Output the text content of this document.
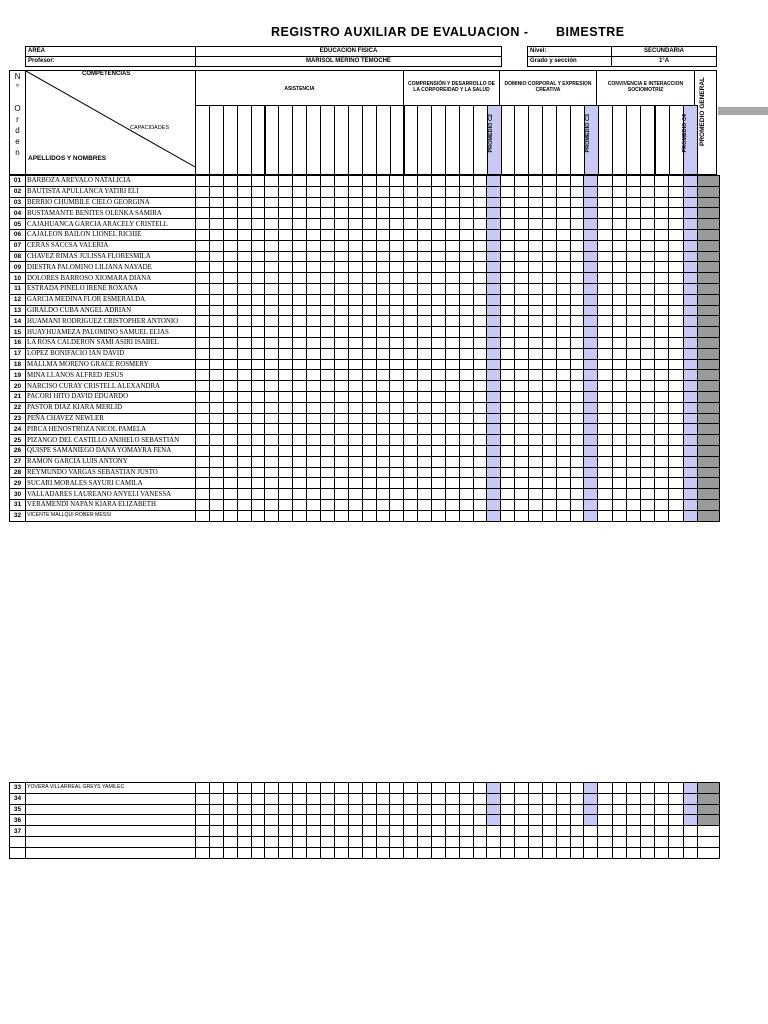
REGISTRO AUXILIAR DE EVALUACION - BIMESTRE
AREA	EDUCACION FISICA		Nivel:	SECUNDARIA
Profesor:	MARISOL MERINO TEMOCHE		Grado y sección	1°A
N
°

O
r
d
e
n
COMPETENCIAS
CAPACIDADES
APELLIDOS Y NOMBRES
ASISTENCIA
COMPRENSIÓN Y DESARROLLO DE LA CORPOREIDAD Y LA SALUD
DOMINIO CORPORAL Y EXPRESION CREATIVA
CONVIVENCIA E INTERACCION SOCIOMOTRIZ	PROMEDIO GENERAL
PROMEDIO C2	PROMEDIO C3	PROMEDIO C4
01	BARBOZA AREVALO NATALICIA																																					
02	BAUTISTA APULLANCA YATIRI ELI																																					
03	BERRIO CHUMBILE CIELO GEORGINA																																					
04	BUSTAMANTE BENITES OLENKA SAMIRA																																					
05	CAJAHUANCA GARCIA ARACELY CRISTELL																																					
06	CAJALEON BAILON LIONEL RICHIE																																					
07	CERAS SACCSA VALERIA																																					
08	CHAVEZ RIMAS JULISSA FLORESMILA																																					
09	DIESTRA PALOMINO LILIANA NAYADE																																					
10	DOLORES BARROSO XIOMARA DIANA																																					
11	ESTRADA PINELO IRENE ROXANA																																					
12	GARCIA MEDINA FLOR ESMERALDA																																					
13	GIRALDO CUBA ANGEL ADRIAN																																					
14	HUAMANI RODRIGUEZ CRISTOPHER ANTONIO																																					
15	HUAYHUAMEZA PALOMINO SAMUEL ELIAS																																					
16	LA ROSA CALDERON SAMI ASIRI ISABEL																																					
17	LOPEZ BONIFACIO IAN DAVID																																					
18	MALLMA MORENO GRACE ROSMERY																																					
19	MINA LLANOS ALFRED JESUS																																					
20	NARCISO CURAY CRISTELL ALEXANDRA																																					
21	PACORI HITO DAVID EDUARDO																																					
22	PASTOR DIAZ KIARA MERLID																																					
23	PEÑA CHAVEZ NEWLER																																					
24	PIRCA HENOSTROZA NICOL PAMELA																																					
25	PIZANGO DEL CASTILLO ANJHELO SEBASTIAN																																					
26	QUISPE SAMANIEGO DANA YOMAYRA FENA																																					
27	RAMON GARCIA LUIS ANTONY																																					
28	REYMUNDO VARGAS SEBASTIAN JUSTO																																					
29	SUCARI MORALES SAYURI CAMILA																																					
30	VALLADARES LAUREANO ANYELI VANESSA																																					
31	VERAMENDI NAPAN KIARA ELIZABETH																																					
32	VICENTE MALLQUI ROBER MESSI																																					
33	YOVERA VILLARREAL GREYS YAMILEC																																					
34																																						
35																																						
36																																						
37																																						
